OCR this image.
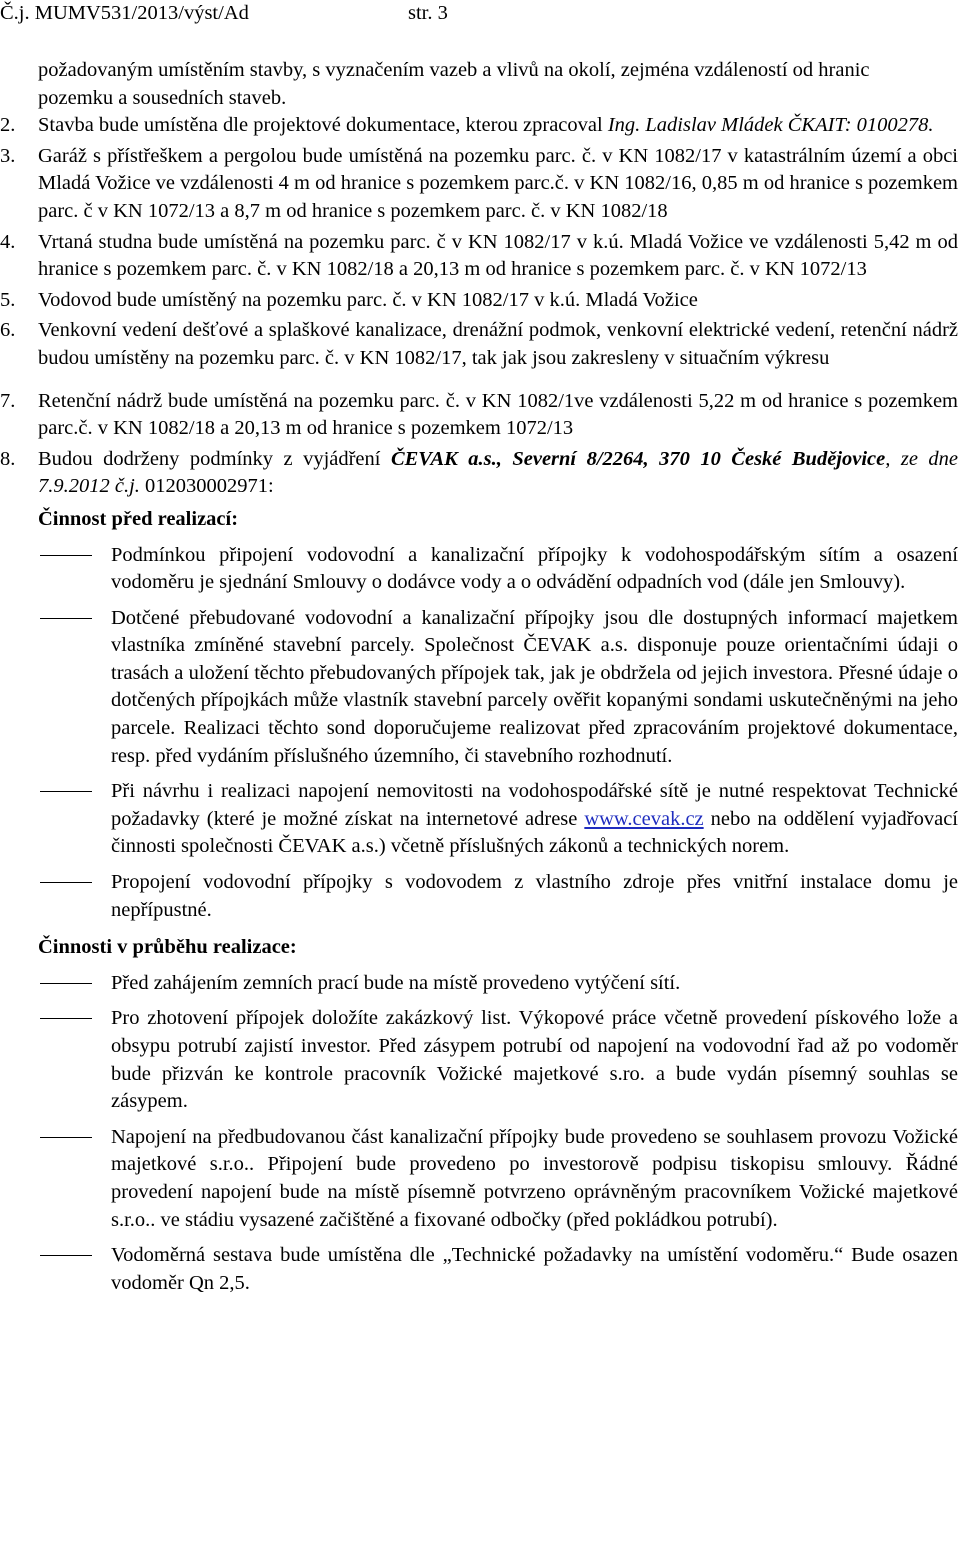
Č.j. MUMV531/2013/výst/Ad	str. 3
požadovaným umístěním stavby, s vyznačením vazeb a vlivů na okolí, zejména vzdáleností od hranic pozemku a sousedních staveb.
2. Stavba bude umístěna dle projektové dokumentace, kterou zpracoval Ing. Ladislav Mládek ČKAIT: 0100278.
3. Garáž s přístřeškem a pergolou bude umístěná na pozemku parc. č. v KN 1082/17 v katastrálním území a obci Mladá Vožice ve vzdálenosti 4 m od hranice s pozemkem parc.č. v KN 1082/16, 0,85 m od hranice s pozemkem parc. č v KN 1072/13 a 8,7 m od hranice s pozemkem parc. č. v KN 1082/18
4. Vrtaná studna bude umístěná na pozemku parc. č v KN 1082/17 v k.ú. Mladá Vožice ve vzdálenosti 5,42 m od hranice s pozemkem parc. č. v KN 1082/18 a 20,13 m od hranice s pozemkem parc. č. v KN 1072/13
5. Vodovod bude umístěný na pozemku parc. č. v KN 1082/17 v k.ú. Mladá Vožice
6. Venkovní vedení dešťové a splaškové kanalizace, drenážní podmok, venkovní elektrické vedení, retenční nádrž budou umístěny na pozemku parc. č. v KN 1082/17, tak jak jsou zakresleny v situačním výkresu
7. Retenční nádrž bude umístěná na pozemku parc. č. v KN 1082/1ve vzdálenosti 5,22 m od hranice s pozemkem parc.č. v KN 1082/18 a 20,13 m od hranice s pozemkem 1072/13
8. Budou dodrženy podmínky z vyjádření ČEVAK a.s., Severní 8/2264, 370 10 České Budějovice, ze dne 7.9.2012 č.j. 012030002971:
Činnost před realizací:
Podmínkou připojení vodovodní a kanalizační přípojky k vodohospodářským sítím a osazení vodoměru je sjednání Smlouvy o dodávce vody a o odvádění odpadních vod (dále jen Smlouvy).
Dotčené přebudované vodovodní a kanalizační přípojky jsou dle dostupných informací majetkem vlastníka zmíněné stavební parcely. Společnost ČEVAK a.s. disponuje pouze orientačními údaji o trasách a uložení těchto přebudovaných přípojek tak, jak je obdržela od jejich investora. Přesné údaje o dotčených přípojkách může vlastník stavební parcely ověřit kopanými sondami uskutečněnými na jeho parcele. Realizaci těchto sond doporučujeme realizovat před zpracováním projektové dokumentace, resp. před vydáním příslušného územního, či stavebního rozhodnutí.
Při návrhu i realizaci napojení nemovitosti na vodohospodářské sítě je nutné respektovat Technické požadavky (které je možné získat na internetové adrese www.cevak.cz nebo na oddělení vyjadřovací činnosti společnosti ČEVAK a.s.) včetně příslušných zákonů a technických norem.
Propojení vodovodní přípojky s vodovodem z vlastního zdroje přes vnitřní instalace domu je nepřípustné.
Činnosti v průběhu realizace:
Před zahájením zemních prací bude na místě provedeno vytýčení sítí.
Pro zhotovení přípojek doložíte zakázkový list. Výkopové práce včetně provedení pískového lože a obsypu potrubí zajistí investor. Před zásypem potrubí od napojení na vodovodní řad až po vodoměr bude přizván ke kontrole pracovník Vožické majetkové s.ro. a bude vydán písemný souhlas se zásypem.
Napojení na předbudovanou část kanalizační přípojky bude provedeno se souhlasem provozu Vožické majetkové s.r.o.. Připojení bude provedeno po investorově podpisu tiskopisu smlouvy. Řádné provedení napojení bude na místě písemně potvrzeno oprávněným pracovníkem Vožické majetkové s.r.o.. ve stádiu vysazené začištěné a fixované odbočky (před pokládkou potrubí).
Vodoměrná sestava bude umístěna dle „Technické požadavky na umístění vodoměru.“ Bude osazen vodoměr Qn 2,5.
